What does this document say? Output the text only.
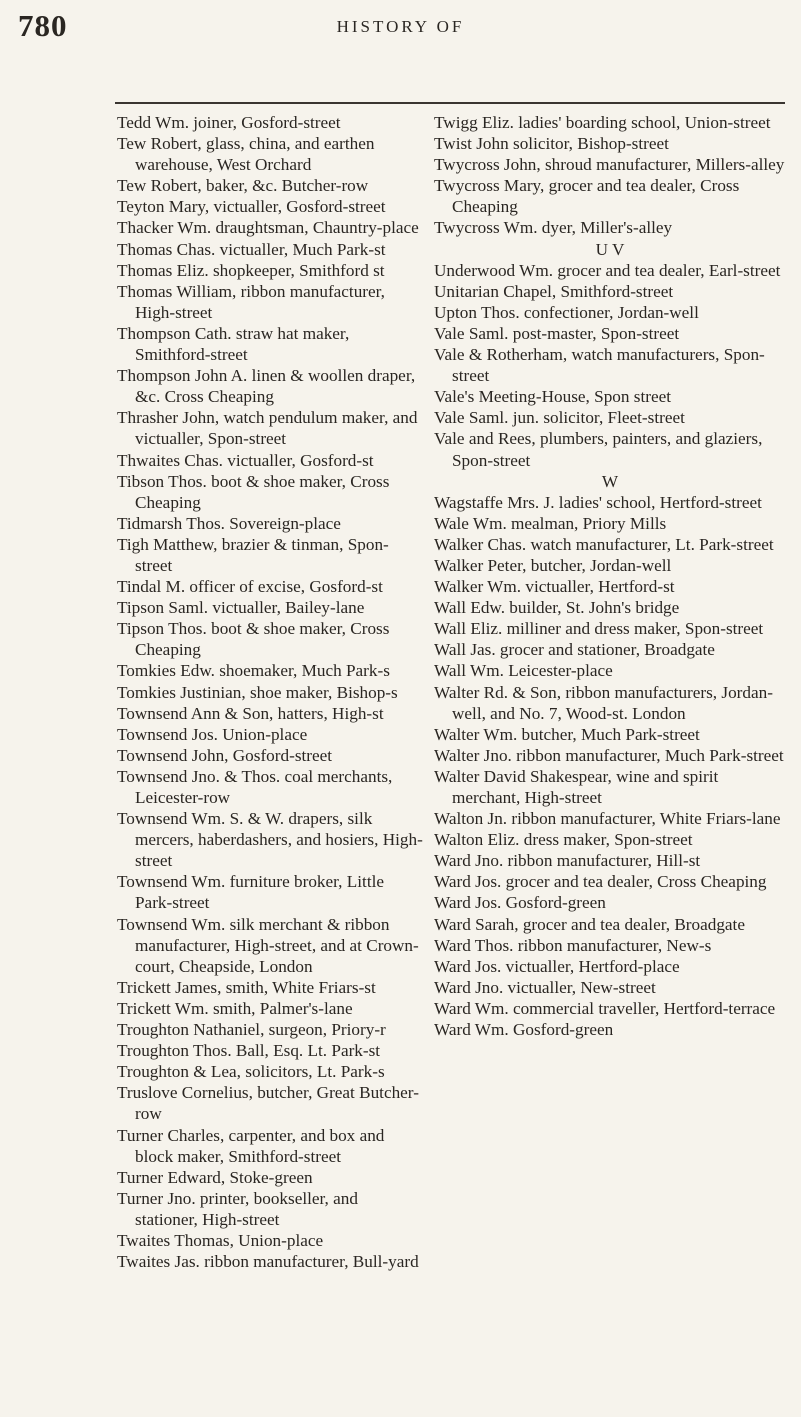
780	HISTORY OF
Tedd Wm. joiner, Gosford-street
Tew Robert, glass, china, and earthen warehouse, West Orchard
Tew Robert, baker, &c. Butcher-row
Teyton Mary, victualler, Gosford-street
Thacker Wm. draughtsman, Chauntry-place
Thomas Chas. victualler, Much Park-st
Thomas Eliz. shopkeeper, Smithford st
Thomas William, ribbon manufacturer, High-street
Thompson Cath. straw hat maker, Smithford-street
Thompson John A. linen & woollen draper, &c. Cross Cheaping
Thrasher John, watch pendulum maker, and victualler, Spon-street
Thwaites Chas. victualler, Gosford-st
Tibson Thos. boot & shoe maker, Cross Cheaping
Tidmarsh Thos. Sovereign-place
Tigh Matthew, brazier & tinman, Spon-street
Tindal M. officer of excise, Gosford-st
Tipson Saml. victualler, Bailey-lane
Tipson Thos. boot & shoe maker, Cross Cheaping
Tomkies Edw. shoemaker, Much Park-s
Tomkies Justinian, shoe maker, Bishop-s
Townsend Ann & Son, hatters, High-st
Townsend Jos. Union-place
Townsend John, Gosford-street
Townsend Jno. & Thos. coal merchants, Leicester-row
Townsend Wm. S. & W. drapers, silk mercers, haberdashers, and hosiers, High-street
Townsend Wm. furniture broker, Little Park-street
Townsend Wm. silk merchant & ribbon manufacturer, High-street, and at Crown-court, Cheapside, London
Trickett James, smith, White Friars-st
Trickett Wm. smith, Palmer's-lane
Troughton Nathaniel, surgeon, Priory-r
Troughton Thos. Ball, Esq. Lt. Park-st
Troughton & Lea, solicitors, Lt. Park-s
Truslove Cornelius, butcher, Great Butcher-row
Turner Charles, carpenter, and box and block maker, Smithford-street
Turner Edward, Stoke-green
Turner Jno. printer, bookseller, and stationer, High-street
Twaites Thomas, Union-place
Twaites Jas. ribbon manufacturer, Bull-yard
Twigg Eliz. ladies' boarding school, Union-street
Twist John solicitor, Bishop-street
Twycross John, shroud manufacturer, Millers-alley
Twycross Mary, grocer and tea dealer, Cross Cheaping
Twycross Wm. dyer, Miller's-alley
U V
Underwood Wm. grocer and tea dealer, Earl-street
Unitarian Chapel, Smithford-street
Upton Thos. confectioner, Jordan-well
Vale Saml. post-master, Spon-street
Vale & Rotherham, watch manufacturers, Spon-street
Vale's Meeting-House, Spon street
Vale Saml. jun. solicitor, Fleet-street
Vale and Rees, plumbers, painters, and glaziers, Spon-street
W
Wagstaffe Mrs. J. ladies' school, Hertford-street
Wale Wm. mealman, Priory Mills
Walker Chas. watch manufacturer, Lt. Park-street
Walker Peter, butcher, Jordan-well
Walker Wm. victualler, Hertford-st
Wall Edw. builder, St. John's bridge
Wall Eliz. milliner and dress maker, Spon-street
Wall Jas. grocer and stationer, Broadgate
Wall Wm. Leicester-place
Walter Rd. & Son, ribbon manufacturers, Jordan-well, and No. 7, Wood-st. London
Walter Wm. butcher, Much Park-street
Walter Jno. ribbon manufacturer, Much Park-street
Walter David Shakespear, wine and spirit merchant, High-street
Walton Jn. ribbon manufacturer, White Friars-lane
Walton Eliz. dress maker, Spon-street
Ward Jno. ribbon manufacturer, Hill-st
Ward Jos. grocer and tea dealer, Cross Cheaping
Ward Jos. Gosford-green
Ward Sarah, grocer and tea dealer, Broadgate
Ward Thos. ribbon manufacturer, New-s
Ward Jos. victualler, Hertford-place
Ward Jno. victualler, New-street
Ward Wm. commercial traveller, Hertford-terrace
Ward Wm. Gosford-green
